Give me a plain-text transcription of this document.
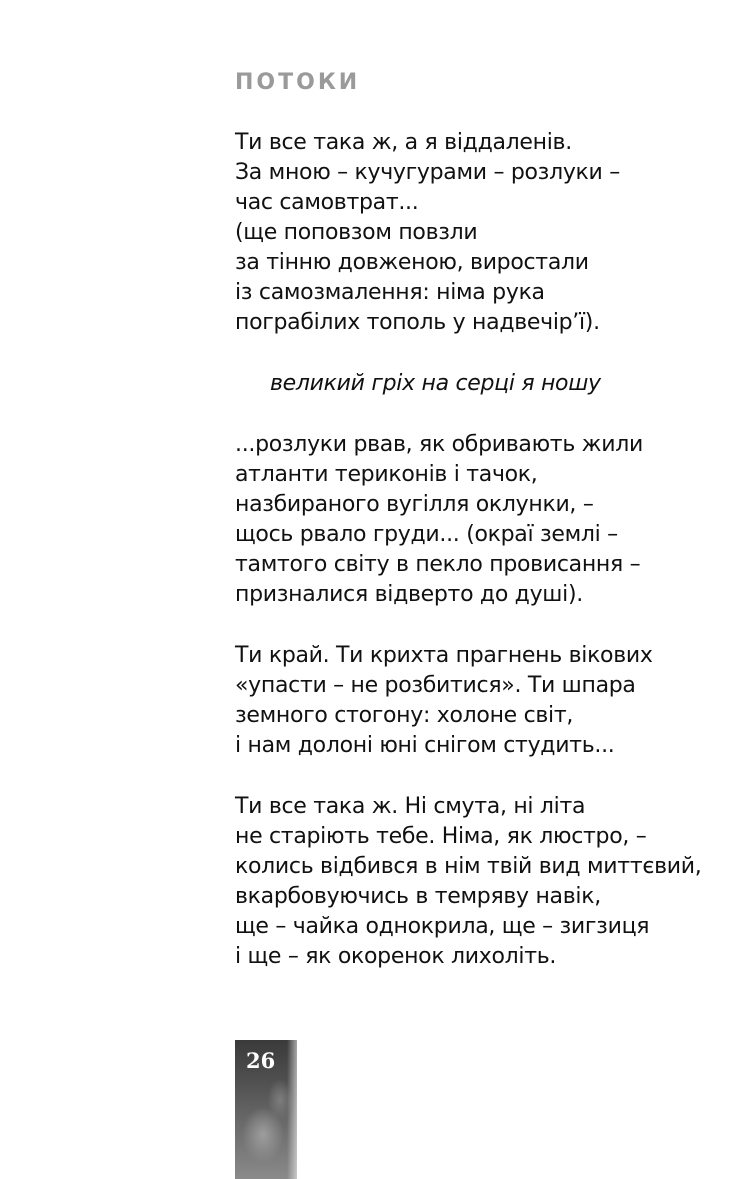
ПОТОКИ
Ти все така ж, а я віддаленів.
За мною – кучугурами – розлуки –
час самовтрат...
(ще поповзом повзли
за тінню довженою, виростали
із самозмалення: німа рука
пограбілих тополь у надвечір’ї).
великий гріх на серці я ношу
...розлуки рвав, як обривають жили
атланти териконів і тачок,
назбираного вугілля оклунки, –
щось рвало груди... (окраї землі –
тамтого світу в пекло провисання –
призналися відверто до душі).
Ти край. Ти крихта прагнень вікових
«упасти – не розбитися». Ти шпара
земного стогону: холоне світ,
і нам долоні юні снігом студить...
Ти все така ж. Ні смута, ні літа
не старіють тебе. Німа, як люстро, –
колись відбився в нім твій вид миттєвий,
вкарбовуючись в темряву навік,
ще – чайка однокрила, ще – зигзиця
і ще – як окоренок лихоліть.
26
